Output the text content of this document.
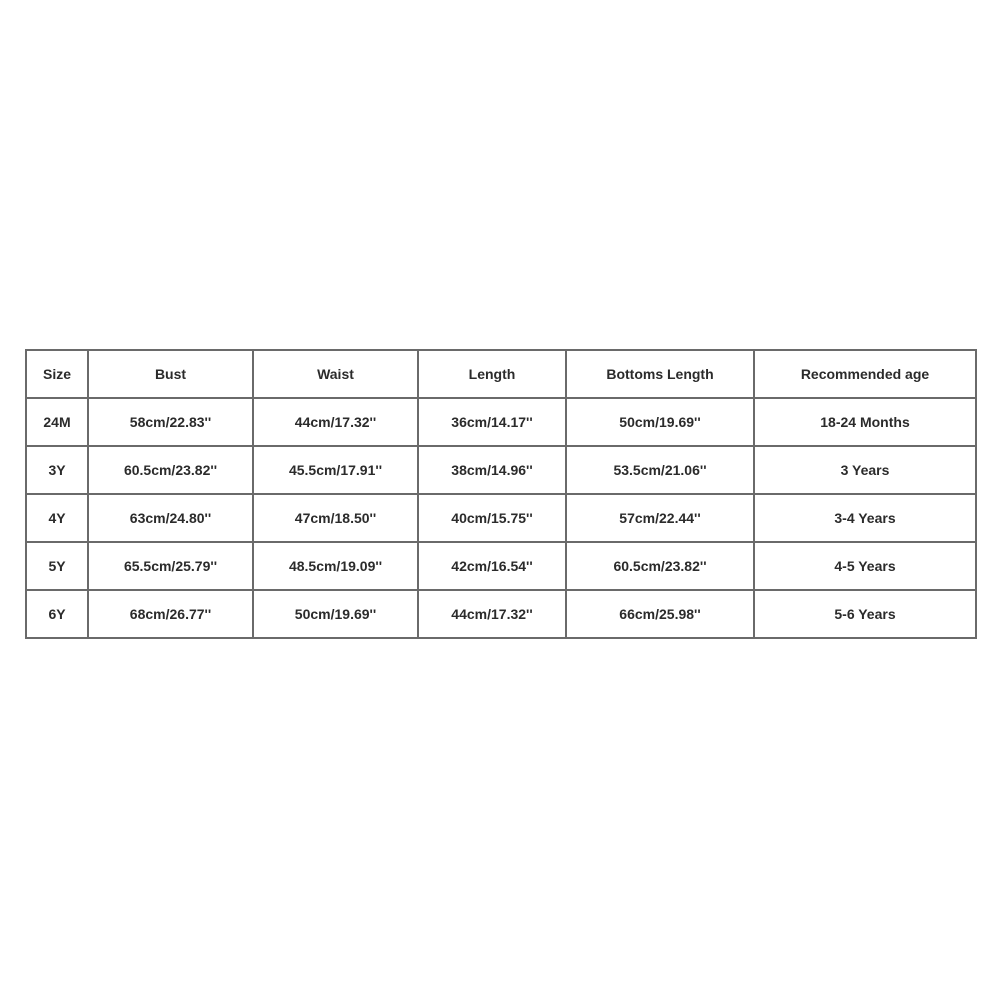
Size	Bust	Waist	Length	Bottoms Length	Recommended age
24M	58cm/22.83''	44cm/17.32''	36cm/14.17''	50cm/19.69''	18-24 Months
3Y	60.5cm/23.82''	45.5cm/17.91''	38cm/14.96''	53.5cm/21.06''	3 Years
4Y	63cm/24.80''	47cm/18.50''	40cm/15.75''	57cm/22.44''	3-4 Years
5Y	65.5cm/25.79''	48.5cm/19.09''	42cm/16.54''	60.5cm/23.82''	4-5 Years
6Y	68cm/26.77''	50cm/19.69''	44cm/17.32''	66cm/25.98''	5-6 Years
